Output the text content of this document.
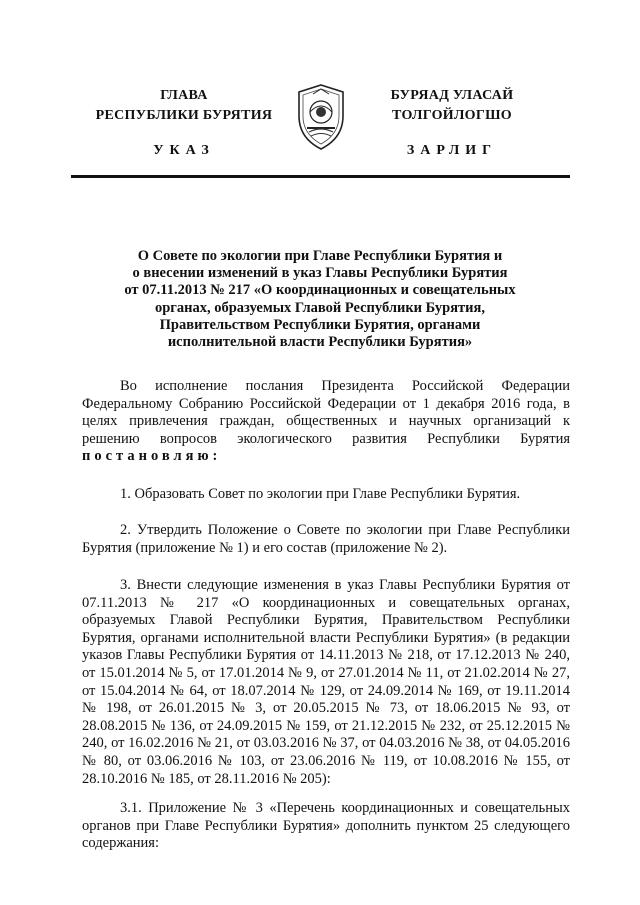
ГЛАВА
РЕСПУБЛИКИ БУРЯТИЯ
БУРЯАД УЛАСАЙ
ТОЛГОЙЛОГШО
УКАЗ	ЗАРЛИГ
О Совете по экологии при Главе Республики Бурятия и
о внесении изменений в указ Главы Республики Бурятия
от 07.11.2013 № 217 «О координационных и совещательных
органах, образуемых Главой Республики Бурятия,
Правительством Республики Бурятия, органами
исполнительной власти Республики Бурятия»
Во исполнение послания Президента Российской Федерации Федеральному Собранию Российской Федерации от 1 декабря 2016 года, в целях привлечения граждан, общественных и научных организаций к решению вопросов экологического развития Республики Бурятия постановляю:
1. Образовать Совет по экологии при Главе Республики Бурятия.
2. Утвердить Положение о Совете по экологии при Главе Республики Бурятия (приложение № 1) и его состав (приложение № 2).
3. Внести следующие изменения в указ Главы Республики Бурятия от 07.11.2013 № 217 «О координационных и совещательных органах, образуемых Главой Республики Бурятия, Правительством Республики Бурятия, органами исполнительной власти Республики Бурятия» (в редакции указов Главы Республики Бурятия от 14.11.2013 № 218, от 17.12.2013 № 240, от 15.01.2014 № 5, от 17.01.2014 № 9, от 27.01.2014 № 11, от 21.02.2014 № 27, от 15.04.2014 № 64, от 18.07.2014 № 129, от 24.09.2014 № 169, от 19.11.2014 № 198, от 26.01.2015 № 3, от 20.05.2015 № 73, от 18.06.2015 № 93, от 28.08.2015 № 136, от 24.09.2015 № 159, от 21.12.2015 № 232, от 25.12.2015 № 240, от 16.02.2016 № 21, от 03.03.2016 № 37, от 04.03.2016 № 38, от 04.05.2016 № 80, от 03.06.2016 № 103, от 23.06.2016 № 119, от 10.08.2016 № 155, от 28.10.2016 № 185, от 28.11.2016 № 205):
3.1. Приложение № 3 «Перечень координационных и совещательных органов при Главе Республики Бурятия» дополнить пунктом 25 следующего содержания:
